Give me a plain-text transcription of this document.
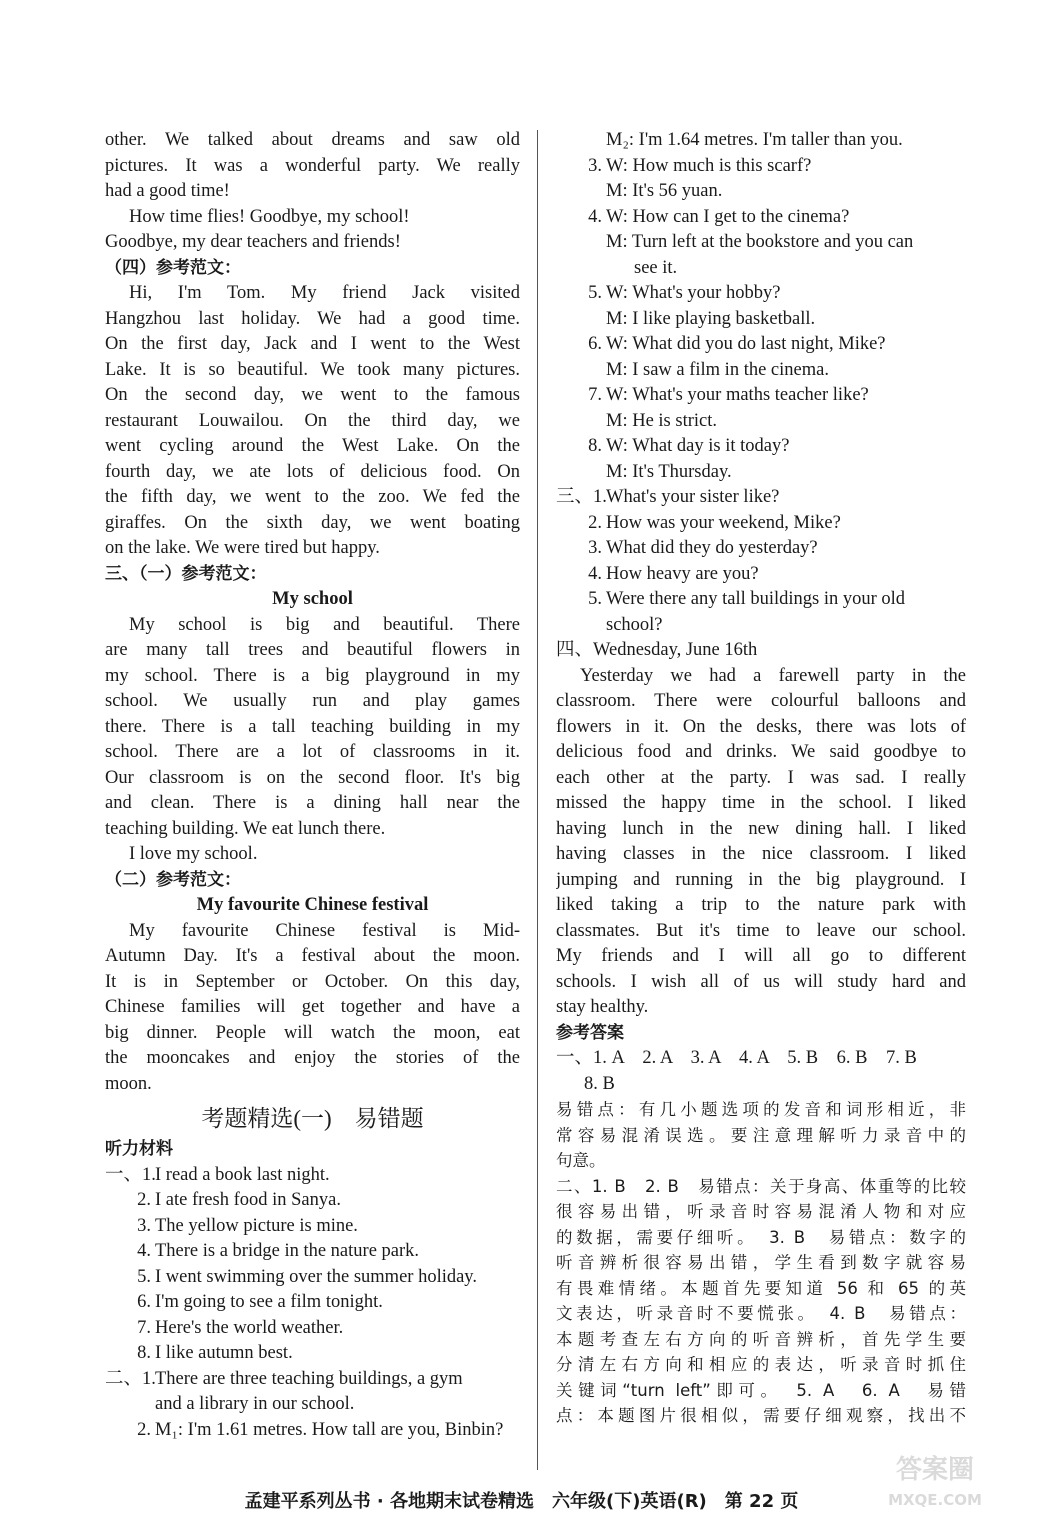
other. We talked about dreams and saw old
pictures. It was a wonderful party. We really
had a good time!
How time flies! Goodbye, my school!
Goodbye, my dear teachers and friends!
（四）参考范文：
Hi, I'm Tom. My friend Jack visited
Hangzhou last holiday. We had a good time.
On the first day, Jack and I went to the West
Lake. It is so beautiful. We took many pictures.
On the second day, we went to the famous
restaurant Louwailou. On the third day, we
went cycling around the West Lake. On the
fourth day, we ate lots of delicious food. On
the fifth day, we went to the zoo. We fed the
giraffes. On the sixth day, we went boating
on the lake. We were tired but happy.
三、（一）参考范文：
My school
My school is big and beautiful. There
are many tall trees and beautiful flowers in
my school. There is a big playground in my
school. We usually run and play games
there. There is a tall teaching building in my
school. There are a lot of classrooms in it.
Our classroom is on the second floor. It's big
and clean. There is a dining hall near the
teaching building. We eat lunch there.
I love my school.
（二）参考范文：
My favourite Chinese festival
My favourite Chinese festival is Mid-
Autumn Day. It's a festival about the moon.
It is in September or October. On this day,
Chinese families will get together and have a
big dinner. People will watch the moon, eat
the mooncakes and enjoy the stories of the
moon.
考题精选(一)　易错题
听力材料
一、1.I read a book last night.
2. I ate fresh food in Sanya.
3. The yellow picture is mine.
4. There is a bridge in the nature park.
5. I went swimming over the summer holiday.
6. I'm going to see a film tonight.
7. Here's the world weather.
8. I like autumn best.
二、1.There are three teaching buildings, a gym
and a library in our school.
2. M₁: I'm 1.61 metres. How tall are you, Binbin?
M₂: I'm 1.64 metres. I'm taller than you.
3. W: How much is this scarf?
M: It's 56 yuan.
4. W: How can I get to the cinema?
M: Turn left at the bookstore and you can
see it.
5. W: What's your hobby?
M: I like playing basketball.
6. W: What did you do last night, Mike?
M: I saw a film in the cinema.
7. W: What's your maths teacher like?
M: He is strict.
8. W: What day is it today?
M: It's Thursday.
三、1.What's your sister like?
2. How was your weekend, Mike?
3. What did they do yesterday?
4. How heavy are you?
5. Were there any tall buildings in your old
school?
四、Wednesday, June 16th
Yesterday we had a farewell party in the
classroom. There were colourful balloons and
flowers in it. On the desks, there was lots of
delicious food and drinks. We said goodbye to
each other at the party. I was sad. I really
missed the happy time in the school. I liked
having lunch in the new dining hall. I liked
having classes in the nice classroom. I liked
jumping and running in the big playground. I
liked taking a trip to the nature park with
classmates. But it's time to leave our school.
My friends and I will all go to different
schools. I wish all of us will study hard and
stay healthy.
参考答案
一、1. A　2. A　3. A　4. A　5. B　6. B　7. B
8. B
易错点：有几小题选项的发音和词形相近，非
常容易混淆误选。要注意理解听力录音中的
句意。
二、1. B　2. B　易错点：关于身高、体重等的比较
很容易出错，听录音时容易混淆人物和对应
的数据，需要仔细听。　3. B　易错点：数字的
听音辨析很容易出错，学生看到数字就容易
有畏难情绪。本题首先要知道 56 和 65 的英
文表达，听录音时不要慌张。　4. B　易错点：
本题考查左右方向的听音辨析，首先学生要
分清左右方向和相应的表达，听录音时抓住
关键词“turn left”即可。　5. A　6. A　易错
点：本题图片很相似，需要仔细观察，找出不
孟建平系列丛书 · 各地期末试卷精选　六年级(下)英语(R)　第 22 页
答案圈
MXQE.COM
